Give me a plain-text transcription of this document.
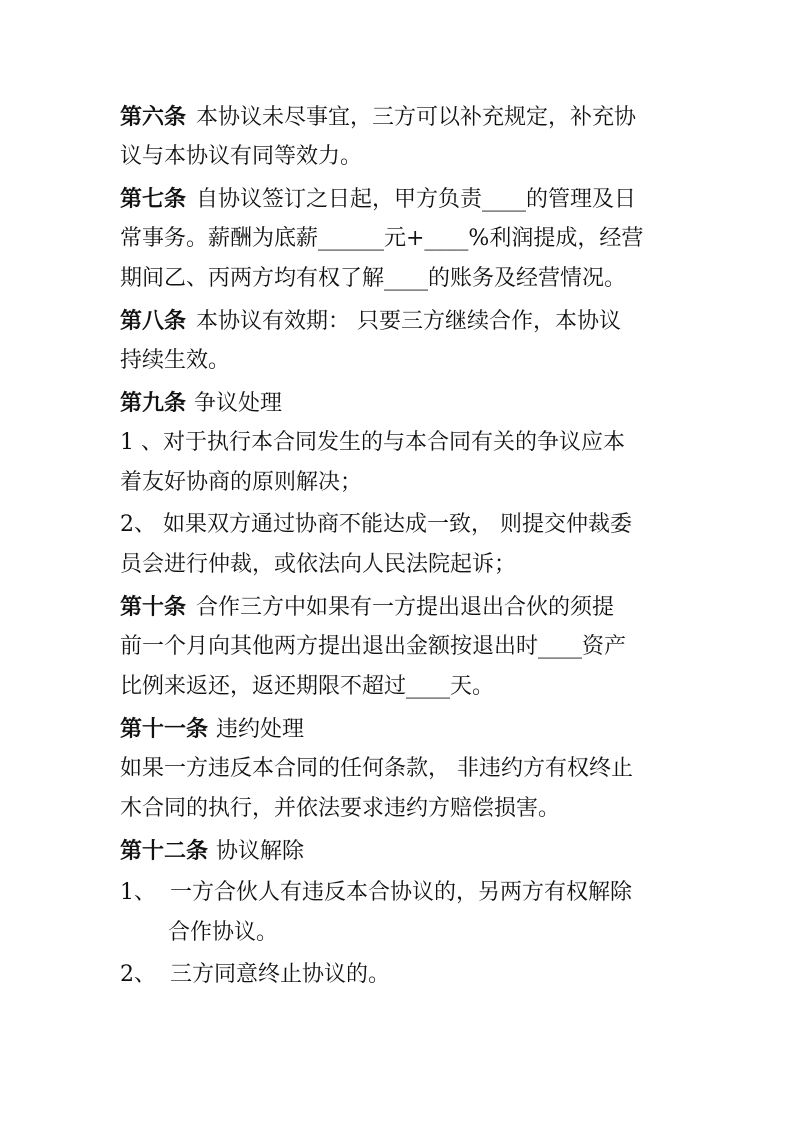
第六条 本协议未尽事宜，三方可以补充规定，补充协
议与本协议有同等效力。
第七条 自协议签订之日起，甲方负责____的管理及日
常事务。薪酬为底薪______元+____%利润提成，经营
期间乙、丙两方均有权了解____的账务及经营情况。
第八条 本协议有效期： 只要三方继续合作，本协议
持续生效。
第九条 争议处理
1 、对于执行本合同发生的与本合同有关的争议应本
着友好协商的原则解决；
2、 如果双方通过协商不能达成一致， 则提交仲裁委
员会进行仲裁，或依法向人民法院起诉；
第十条 合作三方中如果有一方提出退出合伙的须提
前一个月向其他两方提出退出金额按退出时____资产
比例来返还，返还期限不超过____天。
第十一条 违约处理
如果一方违反本合同的任何条款， 非违约方有权终止
木合同的执行，并依法要求违约方赔偿损害。
第十二条 协议解除
1、 一方合伙人有违反本合协议的，另两方有权解除
合作协议。
2、 三方同意终止协议的。
